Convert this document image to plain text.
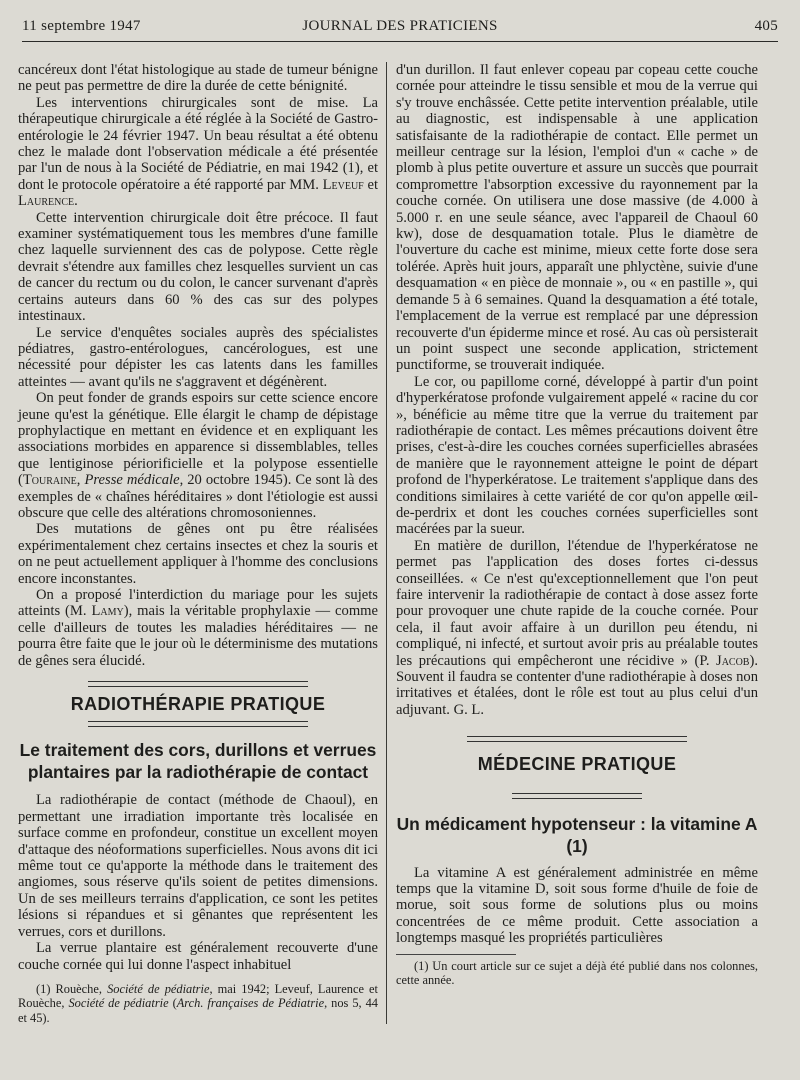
11 septembre 1947	JOURNAL DES PRATICIENS	405

cancéreux dont l'état histologique au stade de tumeur bénigne ne peut pas permettre de dire la durée de cette bénignité.

Les interventions chirurgicales sont de mise. La thérapeutique chirurgicale a été réglée à la Société de Gastro-entérologie le 24 février 1947. Un beau résultat a été obtenu chez le malade dont l'observation médicale a été présentée par l'un de nous à la Société de Pédiatrie, en mai 1942 (1), et dont le protocole opératoire a été rapporté par MM. Leveuf et Laurence.

Cette intervention chirurgicale doit être précoce. Il faut examiner systématiquement tous les membres d'une famille chez laquelle surviennent des cas de polypose. Cette règle devrait s'étendre aux familles chez lesquelles survient un cas de cancer du rectum ou du colon, le cancer survenant d'après certains auteurs dans 60 % des cas sur des polypes intestinaux.

Le service d'enquêtes sociales auprès des spécialistes pédiatres, gastro-entérologues, cancérologues, est une nécessité pour dépister les cas latents dans les familles atteintes — avant qu'ils ne s'aggravent et dégénèrent.

On peut fonder de grands espoirs sur cette science encore jeune qu'est la génétique. Elle élargit le champ de dépistage prophylactique en mettant en évidence et en expliquant les associations morbides en apparence si dissemblables, telles que lentiginose périorificielle et la polypose essentielle (Touraine, Presse médicale, 20 octobre 1945). Ce sont là des exemples de « chaînes héréditaires » dont l'étiologie est aussi obscure que celle des altérations chromosoniennes.

Des mutations de gênes ont pu être réalisées expérimentalement chez certains insectes et chez la souris et on ne peut actuellement appliquer à l'homme des conclusions encore inconstantes.

On a proposé l'interdiction du mariage pour les sujets atteints (M. Lamy), mais la véritable prophylaxie — comme celle d'ailleurs de toutes les maladies héréditaires — ne pourra être faite que le jour où le déterminisme des mutations de gênes sera élucidé.

RADIOTHÉRAPIE PRATIQUE
Le traitement des cors, durillons et verrues plantaires par la radiothérapie de contact

La radiothérapie de contact (méthode de Chaoul), en permettant une irradiation importante très localisée en surface comme en profondeur, constitue un excellent moyen d'attaque des néoformations superficielles. Nous avons dit ici même tout ce qu'apporte la méthode dans le traitement des angiomes, sous réserve qu'ils soient de petites dimensions. Un de ses meilleurs terrains d'application, ce sont les petites lésions si répandues et si gênantes que représentent les verrues, cors et durillons.

La verrue plantaire est généralement recouverte d'une couche cornée qui lui donne l'aspect inhabituel

(1) Rouèche, Société de pédiatrie, mai 1942; Leveuf, Laurence et Rouèche, Société de pédiatrie (Arch. françaises de Pédiatrie, nos 5, 44 et 45).

d'un durillon. Il faut enlever copeau par copeau cette couche cornée pour atteindre le tissu sensible et mou de la verrue qui s'y trouve enchâssée. Cette petite intervention préalable, utile au diagnostic, est indispensable à une application satisfaisante de la radiothérapie de contact. Elle permet un meilleur centrage sur la lésion, l'emploi d'un « cache » de plomb à plus petite ouverture et assure un succès que pourrait compromettre l'absorption excessive du rayonnement par la couche cornée. On utilisera une dose massive (de 4.000 à 5.000 r. en une seule séance, avec l'appareil de Chaoul 60 kw), dose de desquamation totale. Plus le diamètre de l'ouverture du cache est minime, mieux cette forte dose sera tolérée. Après huit jours, apparaît une phlyctène, suivie d'une desquamation « en pièce de monnaie », ou « en pastille », qui demande 5 à 6 semaines. Quand la desquamation a été totale, l'emplacement de la verrue est remplacé par une dépression recouverte d'un épiderme mince et rosé. Au cas où persisterait un point suspect une seconde application, strictement punctiforme, se trouverait indiquée.

Le cor, ou papillome corné, développé à partir d'un point d'hyperkératose profonde vulgairement appelé « racine du cor », bénéficie au même titre que la verrue du traitement par radiothérapie de contact. Les mêmes précautions doivent être prises, c'est-à-dire les couches cornées superficielles abrasées de manière que le rayonnement atteigne le point de départ profond de l'hyperkératose. Le traitement s'applique dans des conditions similaires à cette variété de cor qu'on appelle œil-de-perdrix et dont les couches cornées superficielles sont macérées par la sueur.

En matière de durillon, l'étendue de l'hyperkératose ne permet pas l'application des doses fortes ci-dessus conseillées. « Ce n'est qu'exceptionnellement que l'on peut faire intervenir la radiothérapie de contact à dose assez forte pour provoquer une chute rapide de la couche cornée. Pour cela, il faut avoir affaire à un durillon peu étendu, ni compliqué, ni infecté, et surtout avoir pris au préalable toutes les précautions qui empêcheront une récidive » (P. Jacob). Souvent il faudra se contenter d'une radiothérapie à doses non irritatives et étalées, dont le rôle est tout au plus celui d'un adjuvant. G. L.

MÉDECINE PRATIQUE
Un médicament hypotenseur : la vitamine A (1)

La vitamine A est généralement administrée en même temps que la vitamine D, soit sous forme d'huile de foie de morue, soit sous forme de solutions plus ou moins concentrées de ce même produit. Cette association a longtemps masqué les propriétés particulières

(1) Un court article sur ce sujet a déjà été publié dans nos colonnes, cette année.
